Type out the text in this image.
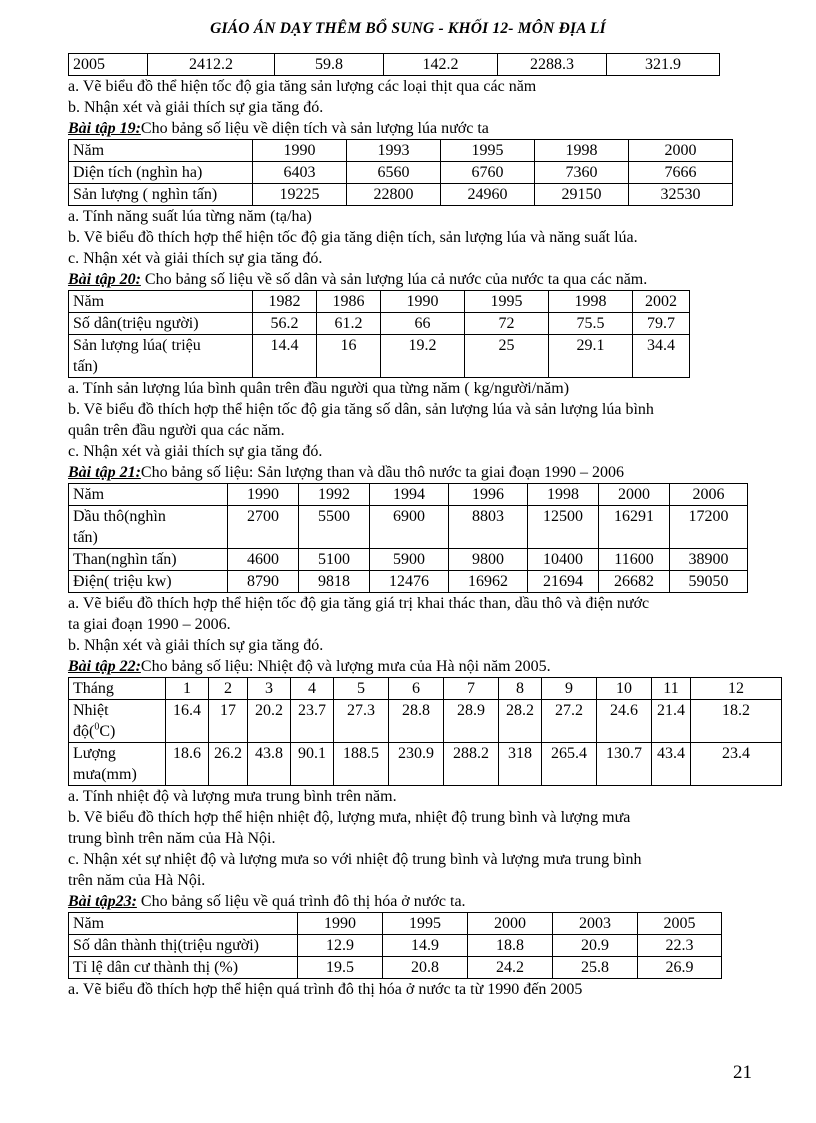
GIÁO ÁN DẠY THÊM BỔ SUNG - KHỐI 12- MÔN ĐỊA LÍ
2005	2412.2	59.8	142.2	2288.3	321.9

a. Vẽ biểu đồ thể hiện tốc độ gia tăng sản lượng các loại thịt qua các năm

b. Nhận xét và giải thích sự gia tăng đó.

Bài tập 19:Cho bảng số liệu về diện tích và sản lượng lúa nước ta

Năm	1990	1993	1995	1998	2000
Diện tích (nghìn ha)	6403	6560	6760	7360	7666
Sản lượng ( nghìn tấn)	19225	22800	24960	29150	32530

a. Tính năng suất lúa từng năm (tạ/ha)

b. Vẽ biểu đồ thích hợp thể hiện tốc độ gia tăng diện tích, sản lượng lúa và năng suất lúa.

c. Nhận xét và giải thích sự gia tăng đó.

Bài tập 20: Cho bảng số liệu về số dân và sản lượng lúa cả nước của nước ta qua các năm.

Năm	1982	1986	1990	1995	1998	2002
Số dân(triệu người)	56.2	61.2	66	72	75.5	79.7
Sản lượng lúa( triệu
tấn)	14.4	16	19.2	25	29.1	34.4

a. Tính sản lượng lúa bình quân trên đầu người qua từng năm ( kg/người/năm)

b. Vẽ biểu đồ thích hợp thể hiện tốc độ gia tăng số dân, sản lượng lúa và sản lượng lúa bình

quân trên đầu người qua các năm.

c. Nhận xét và giải thích sự gia tăng đó.

Bài tập 21:Cho bảng số liệu: Sản lượng than và dầu thô nước ta giai đoạn 1990 – 2006

Năm	1990	1992	1994	1996	1998	2000	2006
Dầu thô(nghìn
tấn)	2700	5500	6900	8803	12500	16291	17200
Than(nghìn tấn)	4600	5100	5900	9800	10400	11600	38900
Điện( triệu kw)	8790	9818	12476	16962	21694	26682	59050

a. Vẽ biểu đồ thích hợp thể hiện tốc độ gia tăng giá trị khai thác than, dầu thô và điện nước

ta giai đoạn 1990 – 2006.

b. Nhận xét và giải thích sự gia tăng đó.

Bài tập 22:Cho bảng số liệu: Nhiệt độ và lượng mưa của Hà nội năm 2005.

Tháng	1	2	3	4	5	6	7	8	9	10	11	12
Nhiệt
độ($^0$C)	16.4	17	20.2	23.7	27.3	28.8	28.9	28.2	27.2	24.6	21.4	18.2
Lượng
mưa(mm)	18.6	26.2	43.8	90.1	188.5	230.9	288.2	318	265.4	130.7	43.4	23.4

a. Tính nhiệt độ và lượng mưa trung bình trên năm.

b. Vẽ biểu đồ thích hợp thể hiện nhiệt độ, lượng mưa, nhiệt độ trung bình và lượng mưa

trung bình trên năm của Hà Nội.

c. Nhận xét sự nhiệt độ và lượng mưa so với nhiệt độ trung bình và lượng mưa trung bình

trên năm của Hà Nội.

Bài tập23: Cho bảng số liệu về quá trình đô thị hóa ở nước ta.

Năm	1990	1995	2000	2003	2005
Số dân thành thị(triệu người)	12.9	14.9	18.8	20.9	22.3
Tỉ lệ dân cư thành thị (%)	19.5	20.8	24.2	25.8	26.9

a. Vẽ biểu đồ thích hợp thể hiện quá trình đô thị hóa ở nước ta từ 1990 đến 2005

21
